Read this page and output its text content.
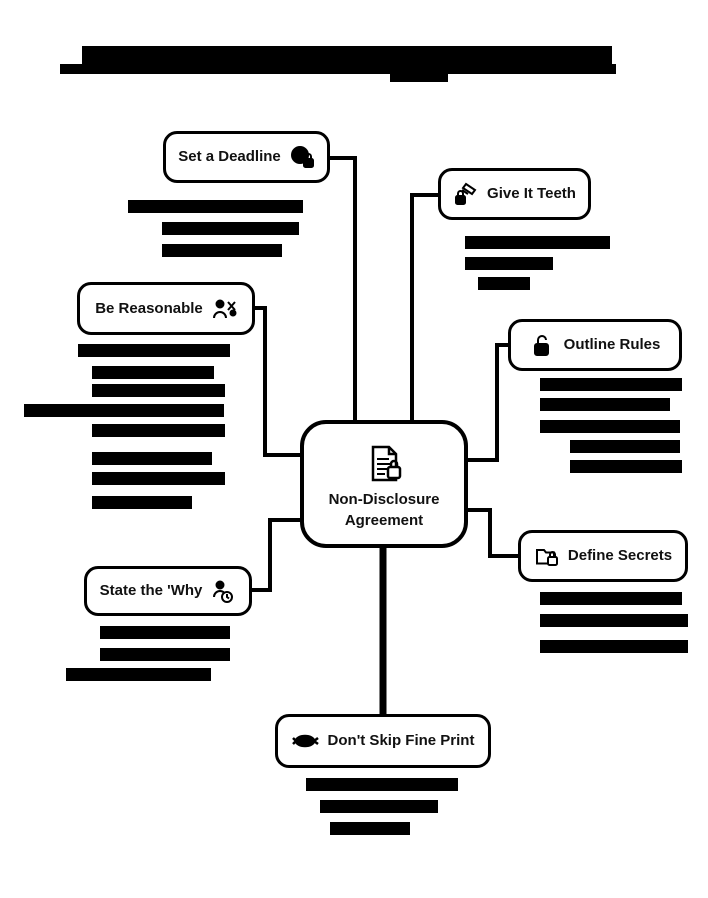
Set a Deadline
Give It Teeth
Be Reasonable
Outline Rules
Define Secrets
State the 'Why
Don't Skip Fine Print
Non-Disclosure
Agreement
